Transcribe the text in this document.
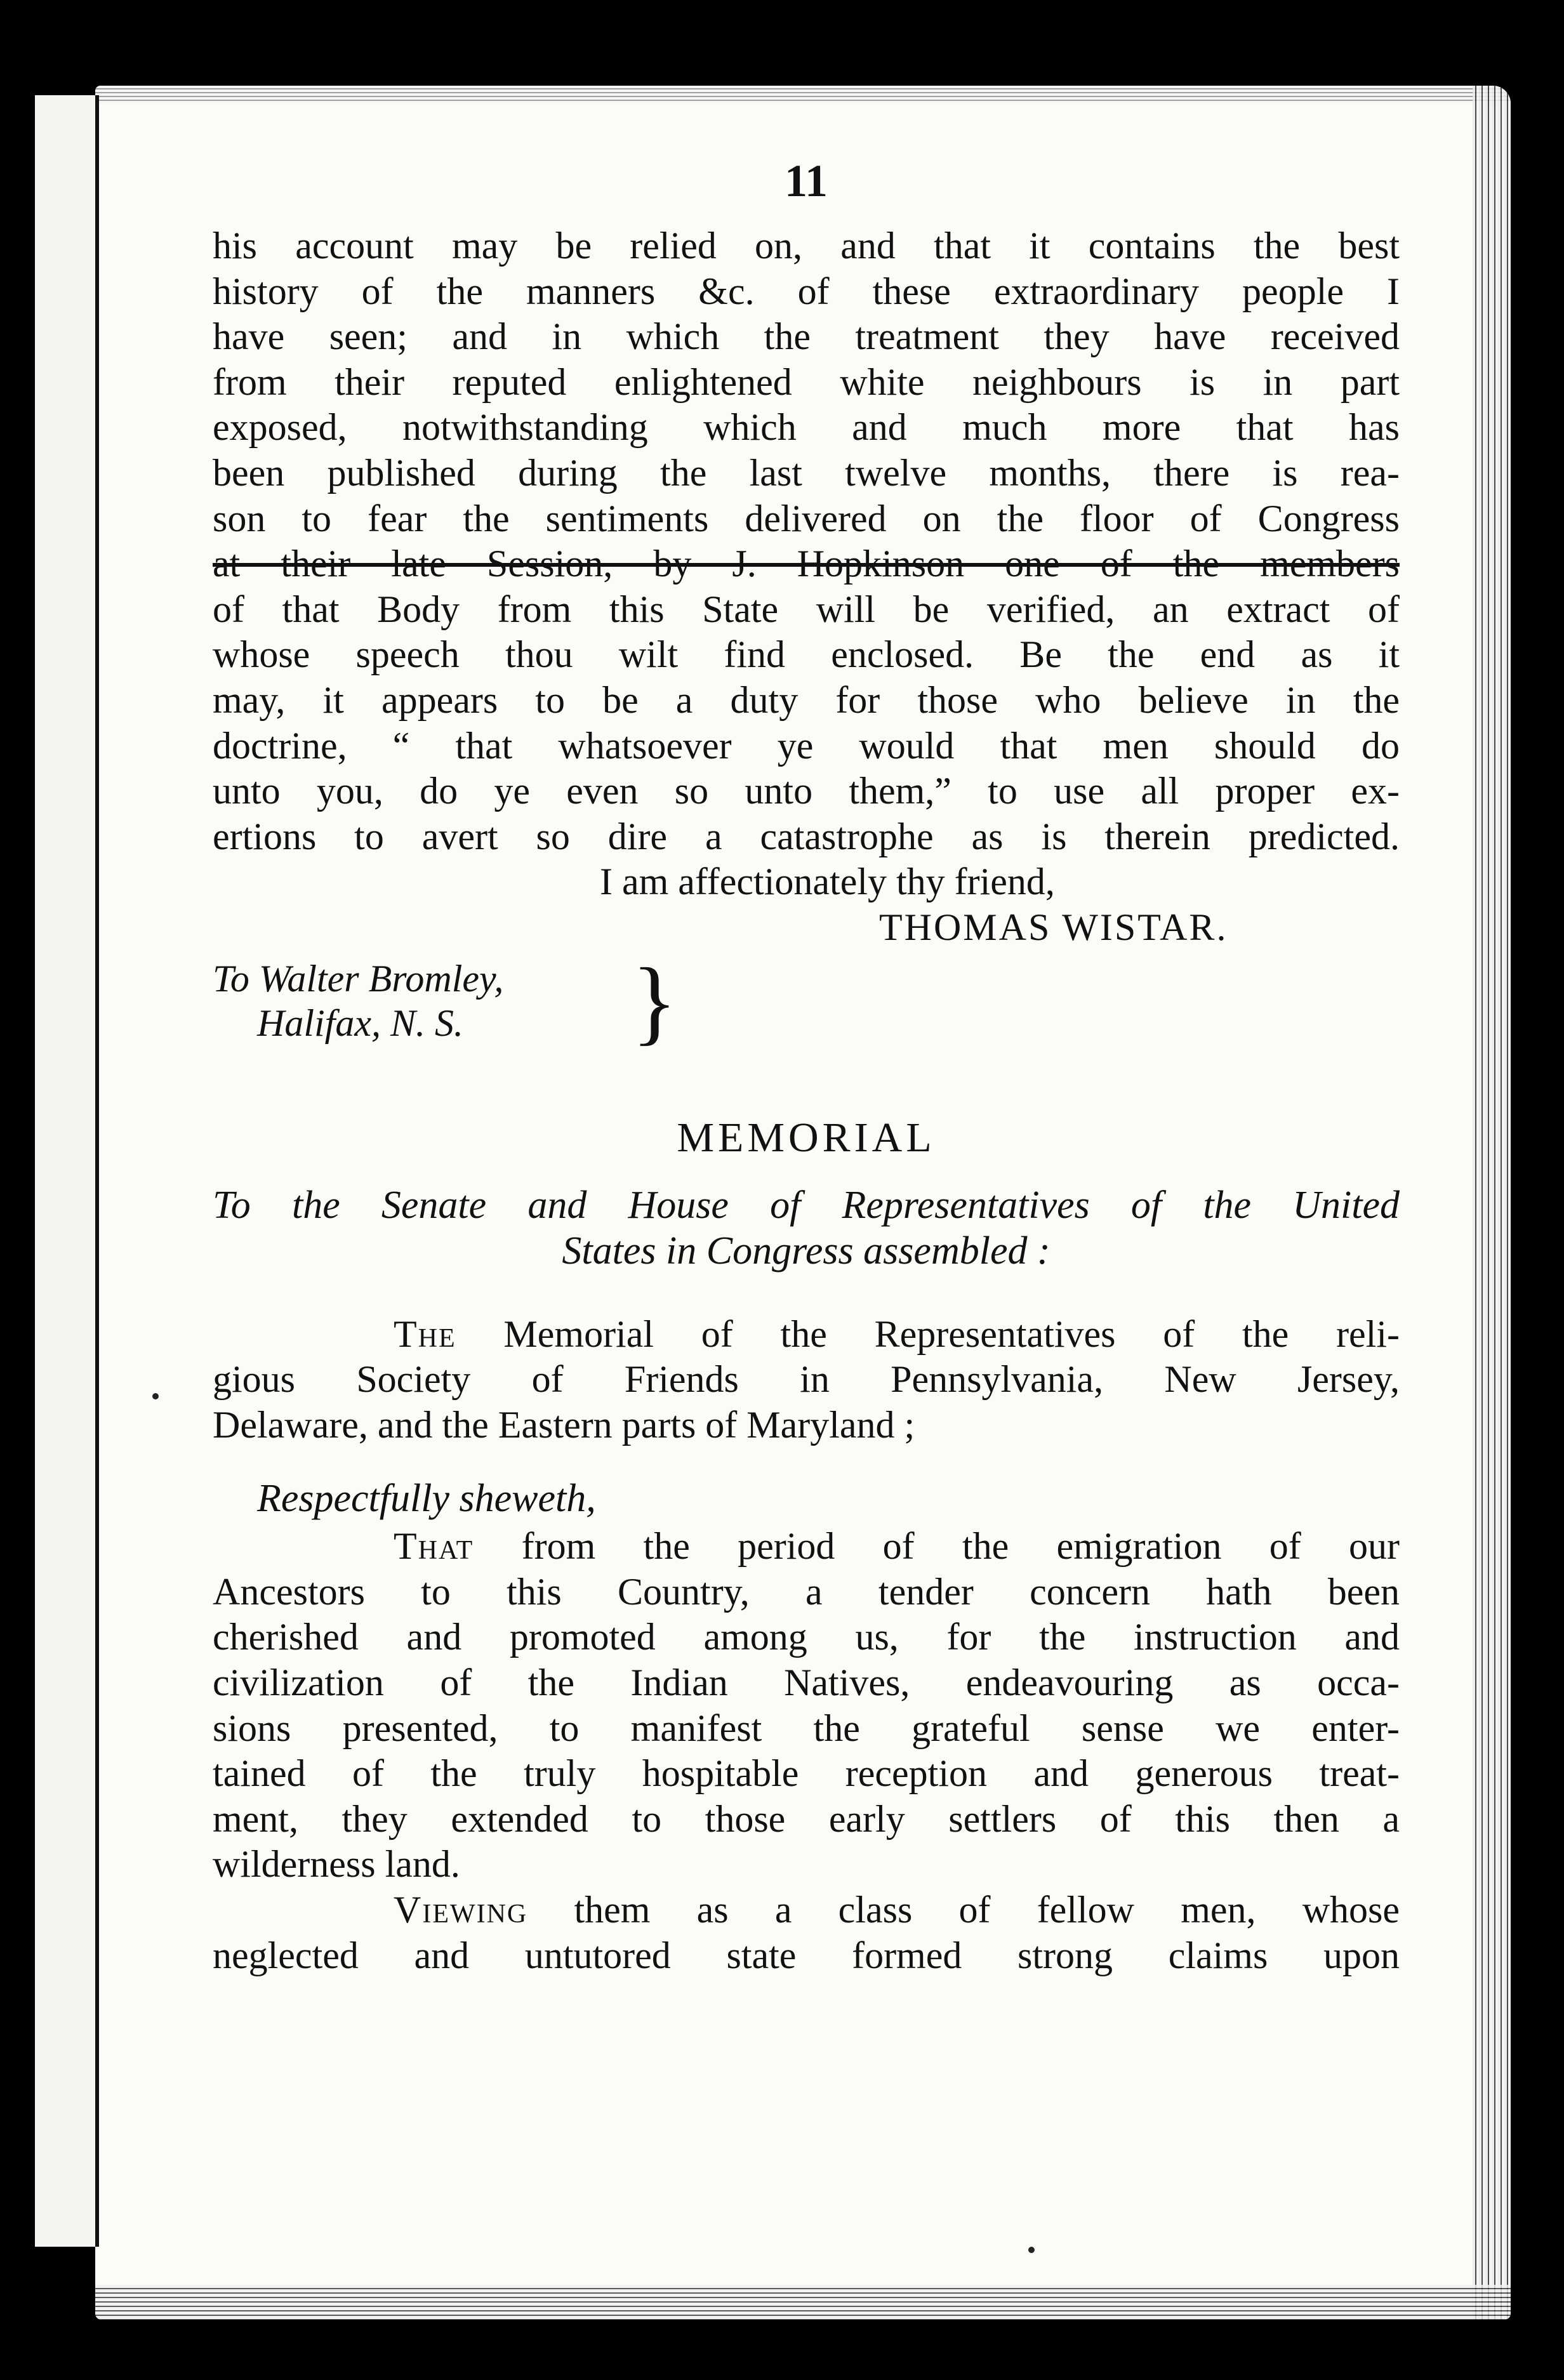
11
his account may be relied on, and that it contains the best
history of the manners &c. of these extraordinary people I
have seen; and in which the treatment they have received
from their reputed enlightened white neighbours is in part
exposed, notwithstanding which and much more that has
been published during the last twelve months, there is rea-
son to fear the sentiments delivered on the floor of Congress
at their late Session, by J. Hopkinson one of the members
of that Body from this State will be verified, an extract of
whose speech thou wilt find enclosed. Be the end as it
may, it appears to be a duty for those who believe in the
doctrine, “ that whatsoever ye would that men should do
unto you, do ye even so unto them,” to use all proper ex-
ertions to avert so dire a catastrophe as is therein predicted.
I am affectionately thy friend,
THOMAS WISTAR.
To Walter Bromley,
Halifax, N. S. }
MEMORIAL
To the Senate and House of Representatives of the United
States in Congress assembled :
The Memorial of the Representatives of the reli-
gious Society of Friends in Pennsylvania, New Jersey,
Delaware, and the Eastern parts of Maryland ;
Respectfully sheweth,
That from the period of the emigration of our
Ancestors to this Country, a tender concern hath been
cherished and promoted among us, for the instruction and
civilization of the Indian Natives, endeavouring as occa-
sions presented, to manifest the grateful sense we enter-
tained of the truly hospitable reception and generous treat-
ment, they extended to those early settlers of this then a
wilderness land.
Viewing them as a class of fellow men, whose
neglected and untutored state formed strong claims upon
